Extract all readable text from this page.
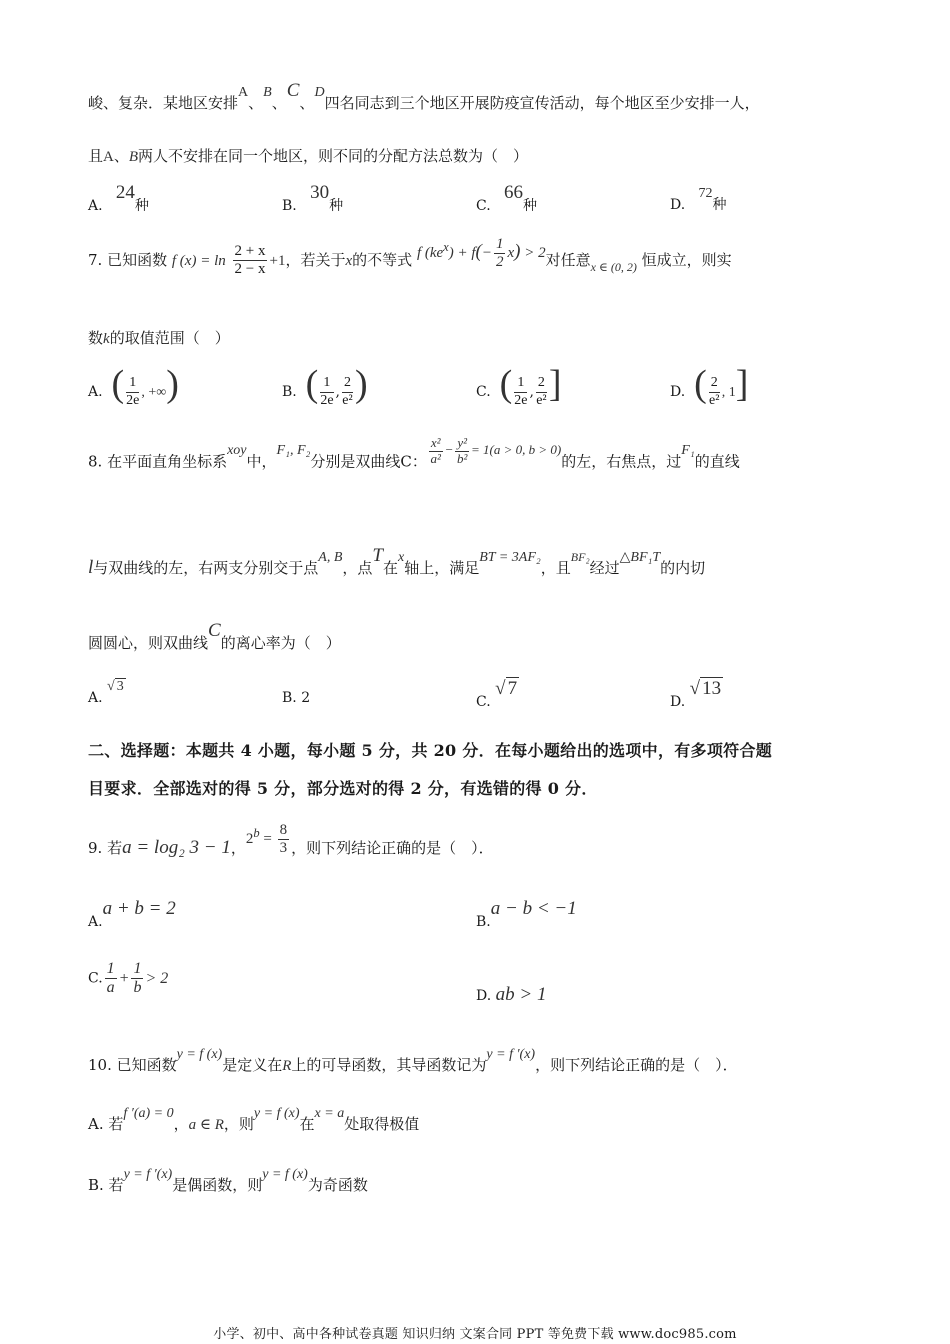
峻、复杂．某地区安排A、B、C、D四名同志到三个地区开展防疫宣传活动，每个地区至少安排一人，
且A、B两人不安排在同一个地区，则不同的分配方法总数为（　）
A.   24种	B.   30种	C.   66种	D.   72种
7. 已知函数 f $(x) = \ln \frac{2 + x}{2 - x} +1$，若关于x的不等式 f $(ke^x) + f(- \frac{1}{2} x) > 2$对任意$_{x \in (0, 2)}$ 恒成立，则实
数k的取值范围（　）
A. ( $\frac{1}{2e}$ , +∞)	B. ( $\frac{1}{2e}$ , $\frac{2}{\text{e²}}$ )	C. ( $\frac{1}{2e}$ , $\frac{2}{\text{e²}}$ ]	D. ( $\frac{2}{\text{e²}}$ , 1]
8. 在平面直角坐标系xoy中，F₁, F₂分别是双曲线C： $\frac{\text{x²}}{\text{a²}} - \frac{\text{y²}}{\text{b²}} = 1(a > 0$, b > 0)的左，右焦点，过F₁的直线
l与双曲线的左，右两支分别交于点A, B，点T在x轴上，满足BT = 3AF₂，且$^{BF_2}$经过△BF₁T的内切
圆圆心，则双曲线C的离心率为（　）
A. √ 3
B. 2	C. √ 7
D. √ 13
二、选择题：本题共 4 小题，每小题 5 分，共 20 分．在每小题给出的选项中，有多项符合题
目要求．全部选对的得 5 分，部分选对的得 2 分，有选错的得 0 分．
9. 若a = log₂ 3 − 1，$2^b = \frac{8}{3}$ ，则下列结论正确的是（　）．
A.a + b = 2
B.a − b < −1
C. $\frac{1}{a} + \frac{1}{b} > 2$
D. ab > 1
10. 已知函数y = f (x)是定义在R上的可导函数，其导函数记为y = f ′(x)，则下列结论正确的是（　）．
A. 若f ′(a) = 0，a ∈ R，则y = f (x)在x = a处取得极值
B. 若y = f ′(x)是偶函数，则y = f (x)为奇函数
小学、初中、高中各种试卷真题 知识归纳 文案合同 PPT 等免费下载 www.doc985.com
